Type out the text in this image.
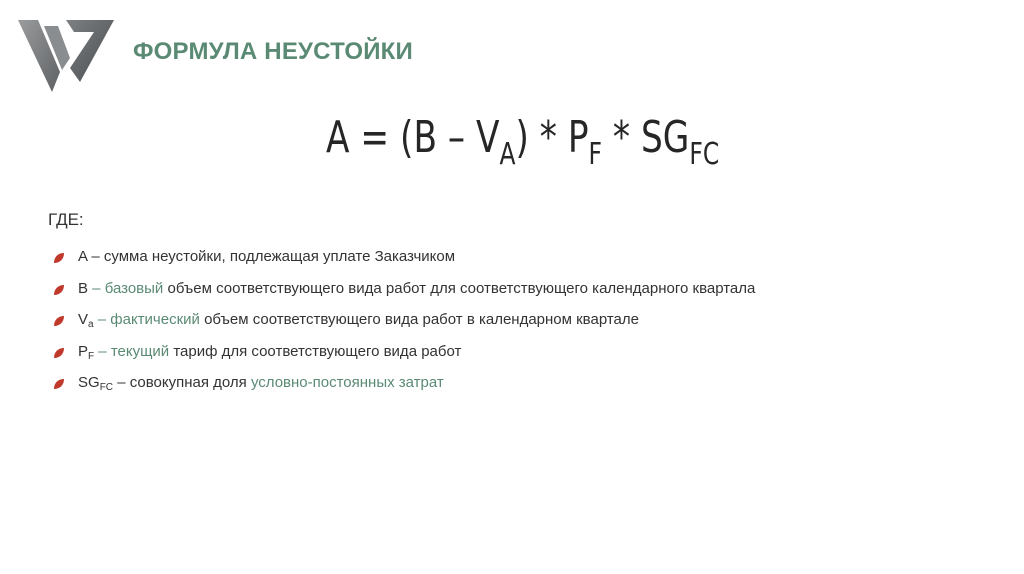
ФОРМУЛА НЕУСТОЙКИ
$A = (B - V_A) * P_F * SG_{FC}$
ГДЕ:
A – сумма неустойки, подлежащая уплате Заказчиком
B – базовый объем соответствующего вида работ для соответствующего календарного квартала
$V_a$ – фактический объем соответствующего вида работ в календарном квартале
$P_F$ – текущий тариф для соответствующего вида работ
$SG_{FC}$ – совокупная доля условно-постоянных затрат
